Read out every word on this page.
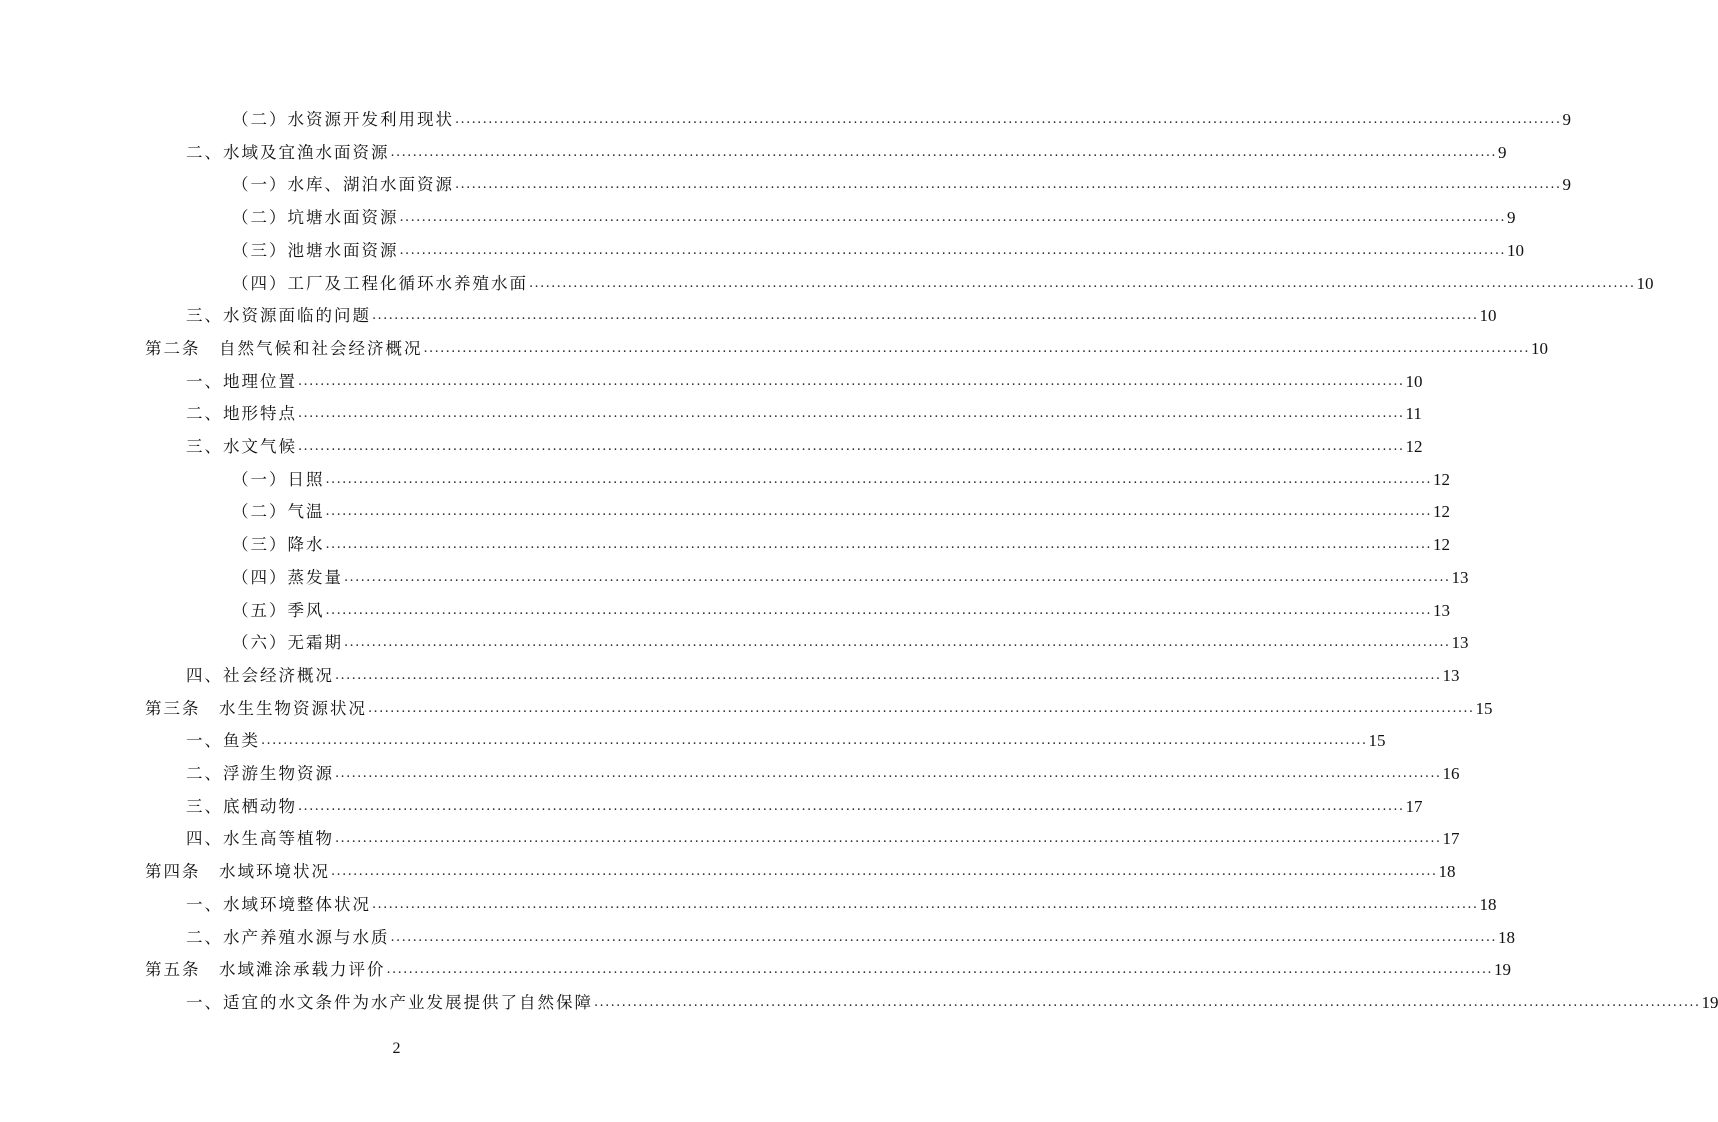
（二）水资源开发利用现状 ........................................................................................................................................................................................................ 9
二、水域及宜渔水面资源 ........................................................................................................................................................................................................ 9
（一）水库、湖泊水面资源 ........................................................................................................................................................................................................ 9
（二）坑塘水面资源 ........................................................................................................................................................................................................ 9
（三）池塘水面资源 ........................................................................................................................................................................................................ 10
（四）工厂及工程化循环水养殖水面 ........................................................................................................................................................................................................ 10
三、水资源面临的问题 ........................................................................................................................................................................................................ 10
第二条　自然气候和社会经济概况 ........................................................................................................................................................................................................ 10
一、地理位置 ........................................................................................................................................................................................................ 10
二、地形特点 ........................................................................................................................................................................................................ 11
三、水文气候 ........................................................................................................................................................................................................ 12
（一）日照 ........................................................................................................................................................................................................ 12
（二）气温 ........................................................................................................................................................................................................ 12
（三）降水 ........................................................................................................................................................................................................ 12
（四）蒸发量 ........................................................................................................................................................................................................ 13
（五）季风 ........................................................................................................................................................................................................ 13
（六）无霜期 ........................................................................................................................................................................................................ 13
四、社会经济概况 ........................................................................................................................................................................................................ 13
第三条　水生生物资源状况 ........................................................................................................................................................................................................ 15
一、鱼类 ........................................................................................................................................................................................................ 15
二、浮游生物资源 ........................................................................................................................................................................................................ 16
三、底栖动物 ........................................................................................................................................................................................................ 17
四、水生高等植物 ........................................................................................................................................................................................................ 17
第四条　水域环境状况 ........................................................................................................................................................................................................ 18
一、水域环境整体状况 ........................................................................................................................................................................................................ 18
二、水产养殖水源与水质 ........................................................................................................................................................................................................ 18
第五条　水域滩涂承载力评价 ........................................................................................................................................................................................................ 19
一、适宜的水文条件为水产业发展提供了自然保障 ........................................................................................................................................................................................................ 19
2
